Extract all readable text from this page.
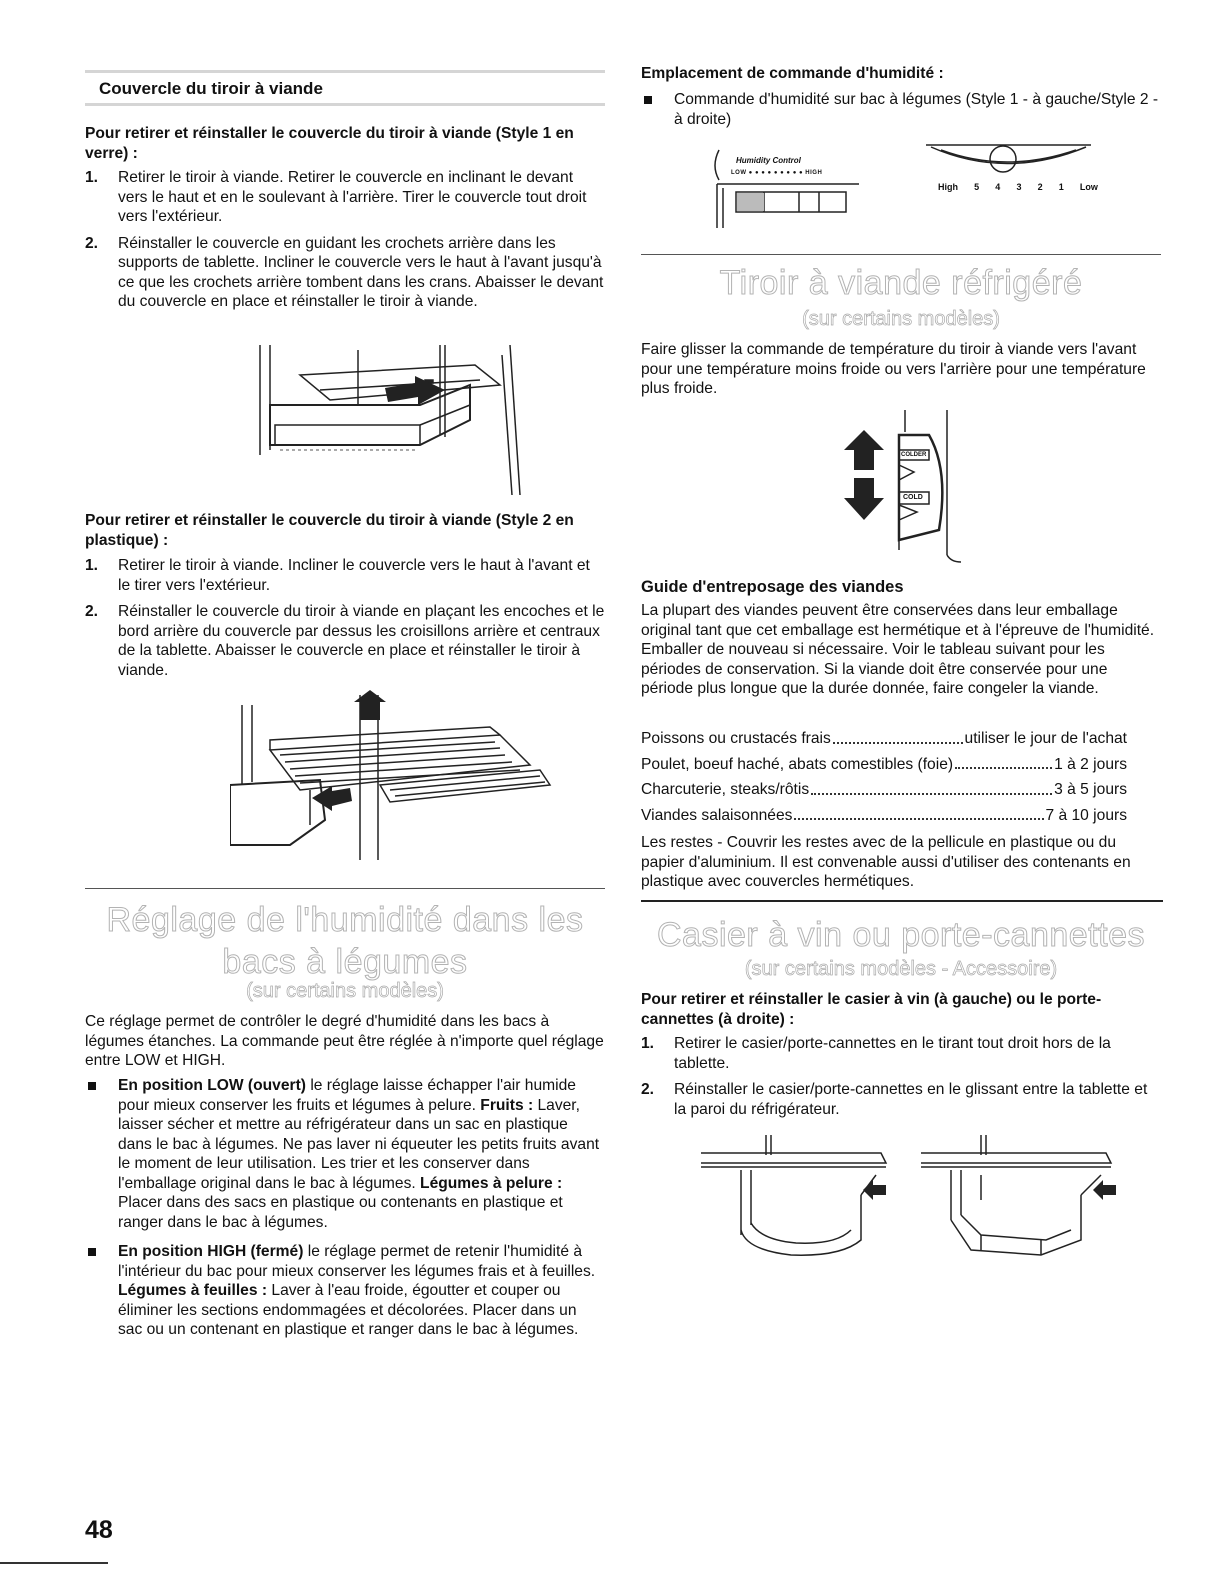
Couvercle du tiroir à viande

Pour retirer et réinstaller le couvercle du tiroir à viande (Style 1 en verre) :

1. Retirer le tiroir à viande. Retirer le couvercle en inclinant le devant vers le haut et en le soulevant à l'arrière. Tirer le couvercle tout droit vers l'extérieur.
2. Réinstaller le couvercle en guidant les crochets arrière dans les supports de tablette. Incliner le couvercle vers le haut à l'avant jusqu'à ce que les crochets arrière tombent dans les crans. Abaisser le devant du couvercle en place et réinstaller le tiroir à viande.

Pour retirer et réinstaller le couvercle du tiroir à viande (Style 2 en plastique) :

1. Retirer le tiroir à viande. Incliner le couvercle vers le haut à l'avant et le tirer vers l'extérieur.
2. Réinstaller le couvercle du tiroir à viande en plaçant les encoches et le bord arrière du couvercle par dessus les croisillons arrière et centraux de la tablette. Abaisser le couvercle en place et réinstaller le tiroir à viande.
Réglage de l'humidité dans les bacs à légumes
(sur certains modèles)

Ce réglage permet de contrôler le degré d'humidité dans les bacs à légumes étanches. La commande peut être réglée à n'importe quel réglage entre LOW et HIGH.

En position LOW (ouvert) le réglage laisse échapper l'air humide pour mieux conserver les fruits et légumes à pelure. Fruits : Laver, laisser sécher et mettre au réfrigérateur dans un sac en plastique dans le bac à légumes. Ne pas laver ni équeuter les petits fruits avant le moment de leur utilisation. Les trier et les conserver dans l'emballage original dans le bac à légumes. Légumes à pelure : Placer dans des sacs en plastique ou contenants en plastique et ranger dans le bac à légumes.
En position HIGH (fermé) le réglage permet de retenir l'humidité à l'intérieur du bac pour mieux conserver les légumes frais et à feuilles. Légumes à feuilles : Laver à l'eau froide, égoutter et couper ou éliminer les sections endommagées et décolorées. Placer dans un sac ou un contenant en plastique et ranger dans le bac à légumes.

Emplacement de commande d'humidité :

Commande d'humidité sur bac à légumes (Style 1 - à gauche/Style 2 - à droite)
Humidity Control
LOW ● ● ● ● ● ● ● ● ● HIGH
High 5 4 3 2 1 Low
Tiroir à viande réfrigéré
(sur certains modèles)

Faire glisser la commande de température du tiroir à viande vers l'avant pour une température moins froide ou vers l'arrière pour une température plus froide.

COLDER
COLD

Guide d'entreposage des viandes

La plupart des viandes peuvent être conservées dans leur emballage original tant que cet emballage est hermétique et à l'épreuve de l'humidité. Emballer de nouveau si nécessaire. Voir le tableau suivant pour les périodes de conservation. Si la viande doit être conservée pour une période plus longue que la durée donnée, faire congeler la viande.

Poissons ou crustacés frais	utiliser le jour de l'achat
Poulet, boeuf haché, abats comestibles (foie)	1 à 2 jours
Charcuterie, steaks/rôtis	3 à 5 jours
Viandes salaisonnées	7 à 10 jours

Les restes - Couvrir les restes avec de la pellicule en plastique ou du papier d'aluminium. Il est convenable aussi d'utiliser des contenants en plastique avec couvercles hermétiques.

Casier à vin ou porte-cannettes
(sur certains modèles - Accessoire)

Pour retirer et réinstaller le casier à vin (à gauche) ou le porte-cannettes (à droite) :

1. Retirer le casier/porte-cannettes en le tirant tout droit hors de la tablette.
2. Réinstaller le casier/porte-cannettes en le glissant entre la tablette et la paroi du réfrigérateur.
48
